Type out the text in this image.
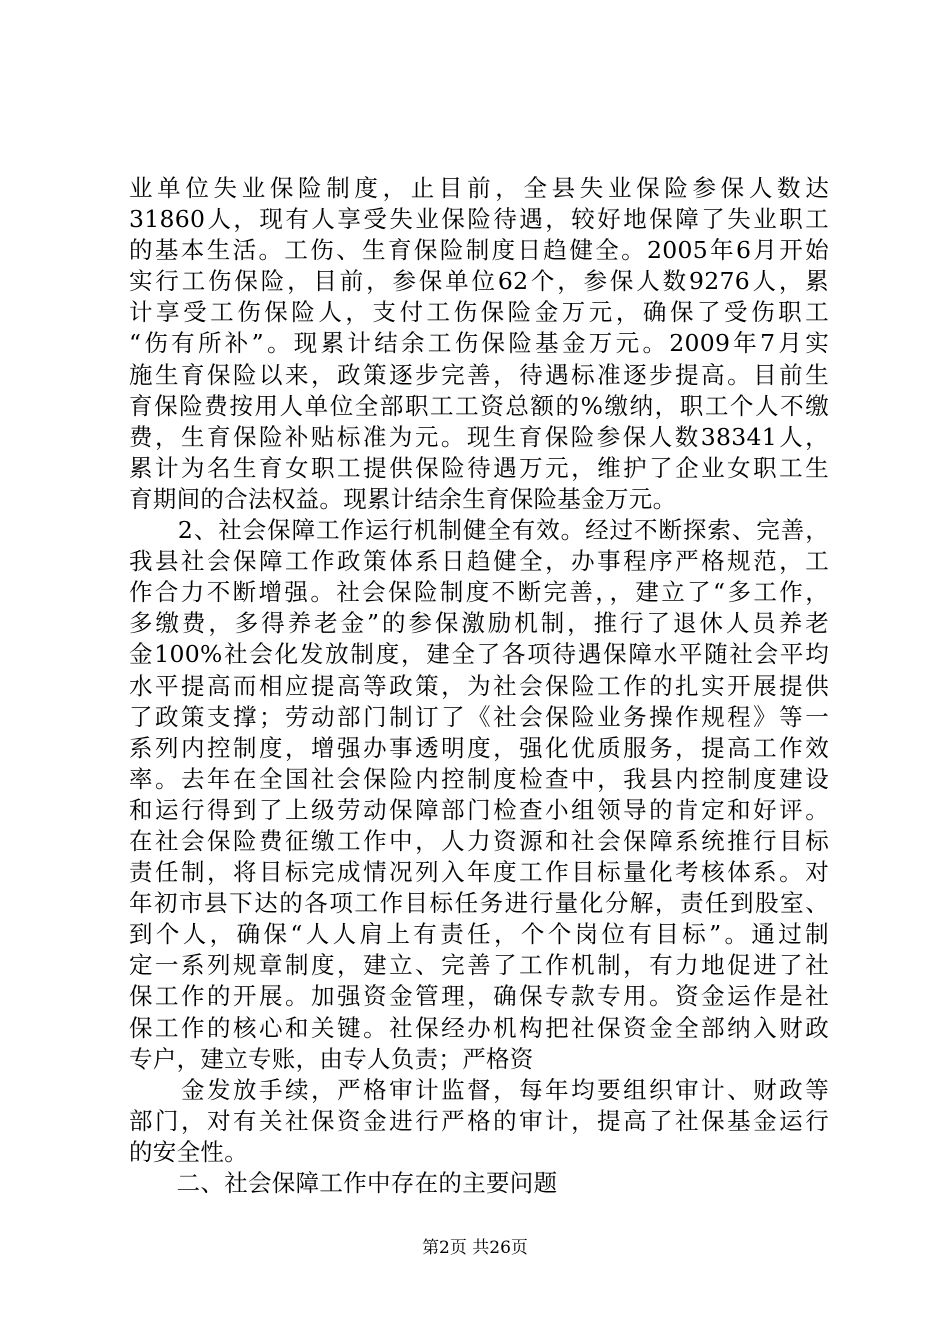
业单位失业保险制度，止目前，全县失业保险参保人数达
31860人，现有人享受失业保险待遇，较好地保障了失业职工
的基本生活。工伤、生育保险制度日趋健全。2005年6月开始
实行工伤保险，目前，参保单位62个，参保人数9276人，累
计享受工伤保险人，支付工伤保险金万元，确保了受伤职工
“伤有所补”。现累计结余工伤保险基金万元。2009年7月实
施生育保险以来，政策逐步完善，待遇标准逐步提高。目前生
育保险费按用人单位全部职工工资总额的%缴纳，职工个人不缴
费，生育保险补贴标准为元。现生育保险参保人数38341人，
累计为名生育女职工提供保险待遇万元，维护了企业女职工生
育期间的合法权益。现累计结余生育保险基金万元。
　　2、社会保障工作运行机制健全有效。经过不断探索、完善，
我县社会保障工作政策体系日趋健全，办事程序严格规范，工
作合力不断增强。社会保险制度不断完善，，建立了“多工作，
多缴费，多得养老金”的参保激励机制，推行了退休人员养老
金100%社会化发放制度，建全了各项待遇保障水平随社会平均
水平提高而相应提高等政策，为社会保险工作的扎实开展提供
了政策支撑；劳动部门制订了《社会保险业务操作规程》等一
系列内控制度，增强办事透明度，强化优质服务，提高工作效
率。去年在全国社会保险内控制度检查中，我县内控制度建设
和运行得到了上级劳动保障部门检查小组领导的肯定和好评。
在社会保险费征缴工作中，人力资源和社会保障系统推行目标
责任制，将目标完成情况列入年度工作目标量化考核体系。对
年初市县下达的各项工作目标任务进行量化分解，责任到股室、
到个人，确保“人人肩上有责任，个个岗位有目标”。通过制
定一系列规章制度，建立、完善了工作机制，有力地促进了社
保工作的开展。加强资金管理，确保专款专用。资金运作是社
保工作的核心和关键。社保经办机构把社保资金全部纳入财政
专户，建立专账，由专人负责；严格资
　　金发放手续，严格审计监督，每年均要组织审计、财政等
部门，对有关社保资金进行严格的审计，提高了社保基金运行
的安全性。
　　二、社会保障工作中存在的主要问题
第2页 共26页
